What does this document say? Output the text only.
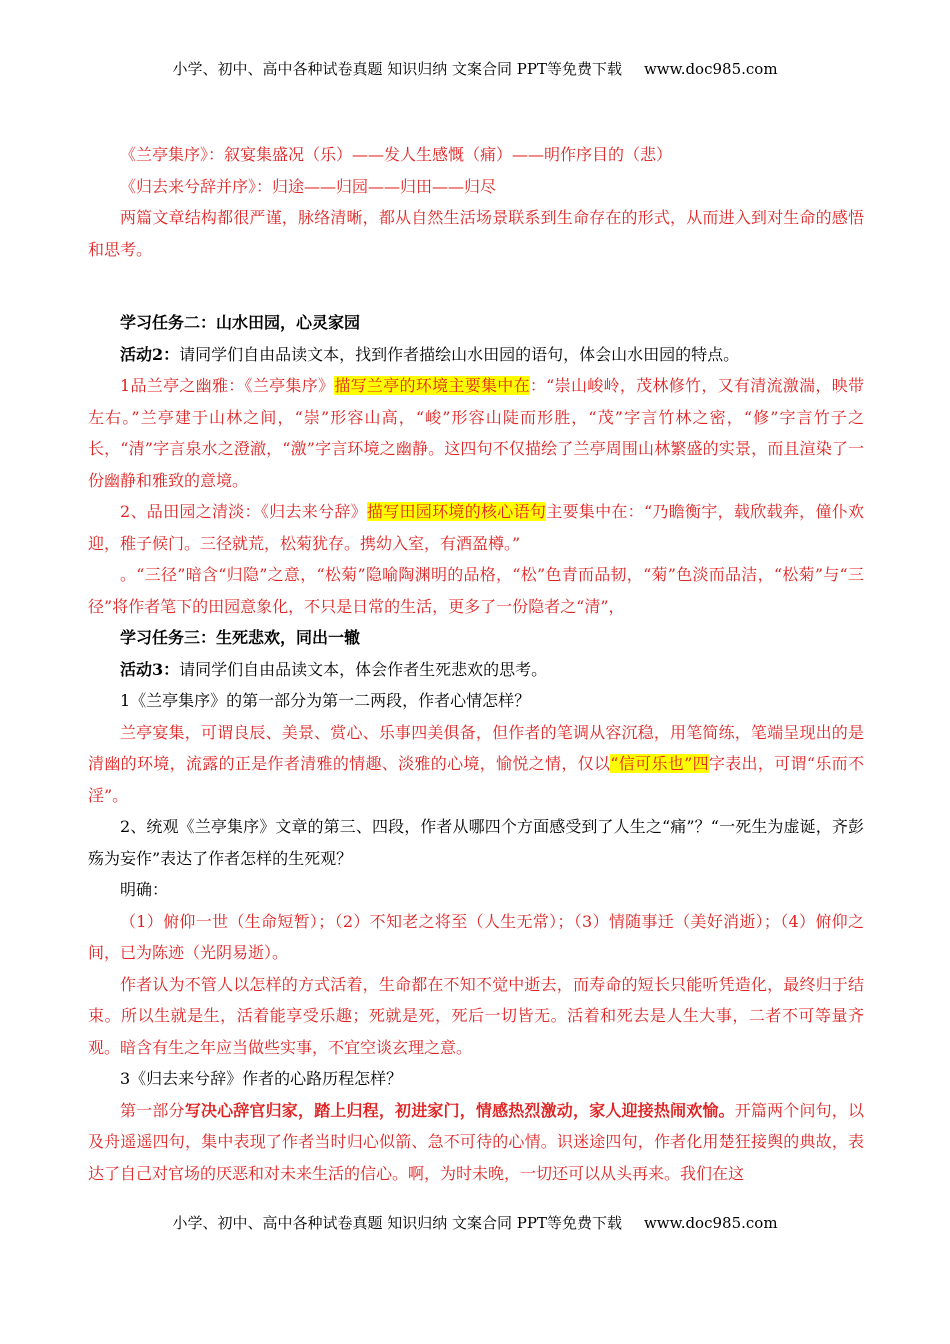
小学、初中、高中各种试卷真题 知识归纳 文案合同 PPT等免费下载 www.doc985.com

《兰亭集序》：叙宴集盛况（乐）——发人生感慨（痛）——明作序目的（悲）

《归去来兮辞并序》：归途——归园——归田——归尽

两篇文章结构都很严谨，脉络清晰，都从自然生活场景联系到生命存在的形式，从而进入到对生命的感悟和思考。

学习任务二：山水田园，心灵家园

活动2：请同学们自由品读文本，找到作者描绘山水田园的语句，体会山水田园的特点。

1品兰亭之幽雅：《兰亭集序》描写兰亭的环境主要集中在：“崇山峻岭，茂林修竹，又有清流激湍，映带左右。”兰亭建于山林之间，“崇”形容山高，“峻”形容山陡而形胜，“茂”字言竹林之密，“修”字言竹子之长，“清”字言泉水之澄澈，“激”字言环境之幽静。这四句不仅描绘了兰亭周围山林繁盛的实景，而且渲染了一份幽静和雅致的意境。

2、品田园之清淡：《归去来兮辞》描写田园环境的核心语句主要集中在：“乃瞻衡宇，载欣载奔，僮仆欢迎，稚子候门。三径就荒，松菊犹存。携幼入室，有酒盈樽。”

。“三径”暗含“归隐”之意，“松菊”隐喻陶渊明的品格，“松”色青而品韧，“菊”色淡而品洁，“松菊”与“三径”将作者笔下的田园意象化，不只是日常的生活，更多了一份隐者之“清”，

学习任务三：生死悲欢，同出一辙

活动3：请同学们自由品读文本，体会作者生死悲欢的思考。

1《兰亭集序》的第一部分为第一二两段，作者心情怎样？

兰亭宴集，可谓良辰、美景、赏心、乐事四美俱备，但作者的笔调从容沉稳，用笔简练，笔端呈现出的是清幽的环境，流露的正是作者清雅的情趣、淡雅的心境，愉悦之情，仅以“信可乐也”四字表出，可谓“乐而不淫”。

2、统观《兰亭集序》文章的第三、四段，作者从哪四个方面感受到了人生之“痛”？“一死生为虚诞，齐彭殇为妄作”表达了作者怎样的生死观？

明确：

（1）俯仰一世（生命短暂）；（2）不知老之将至（人生无常）；（3）情随事迁（美好消逝）；（4）俯仰之间，已为陈迹（光阴易逝）。

作者认为不管人以怎样的方式活着，生命都在不知不觉中逝去，而寿命的短长只能听凭造化，最终归于结束。所以生就是生，活着能享受乐趣；死就是死，死后一切皆无。活着和死去是人生大事，二者不可等量齐观。暗含有生之年应当做些实事，不宜空谈玄理之意。

3《归去来兮辞》作者的心路历程怎样？

第一部分写决心辞官归家，踏上归程，初进家门，情感热烈激动，家人迎接热闹欢愉。开篇两个问句，以及舟遥遥四句，集中表现了作者当时归心似箭、急不可待的心情。识迷途四句，作者化用楚狂接舆的典故，表达了自己对官场的厌恶和对未来生活的信心。啊，为时未晚，一切还可以从头再来。我们在这

小学、初中、高中各种试卷真题 知识归纳 文案合同 PPT等免费下载 www.doc985.com
